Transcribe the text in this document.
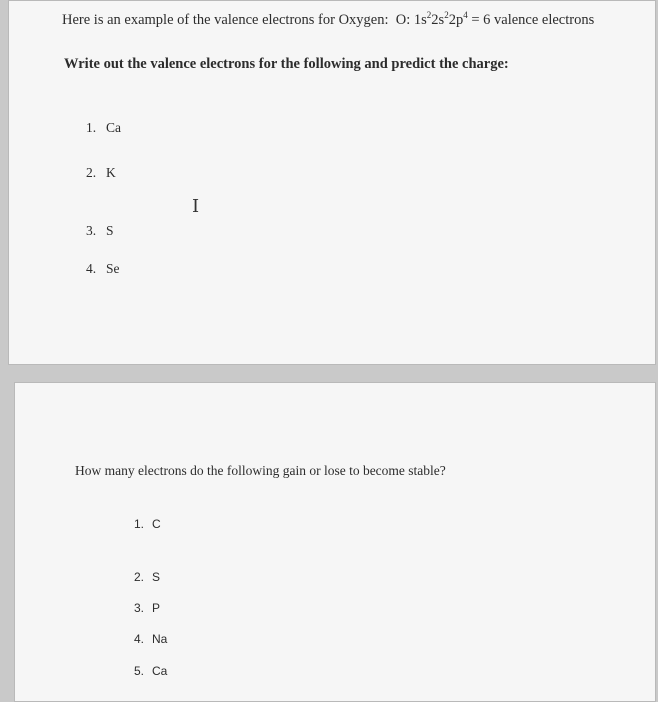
Here is an example of the valence electrons for Oxygen: O: $1s^22s^22p^4 = 6$ valence electrons
Write out the valence electrons for the following and predict the charge:
1. Ca
2. K
3. S
4. Se
I
How many electrons do the following gain or lose to become stable?
1. C
2. S
3. P
4. Na
5. Ca
